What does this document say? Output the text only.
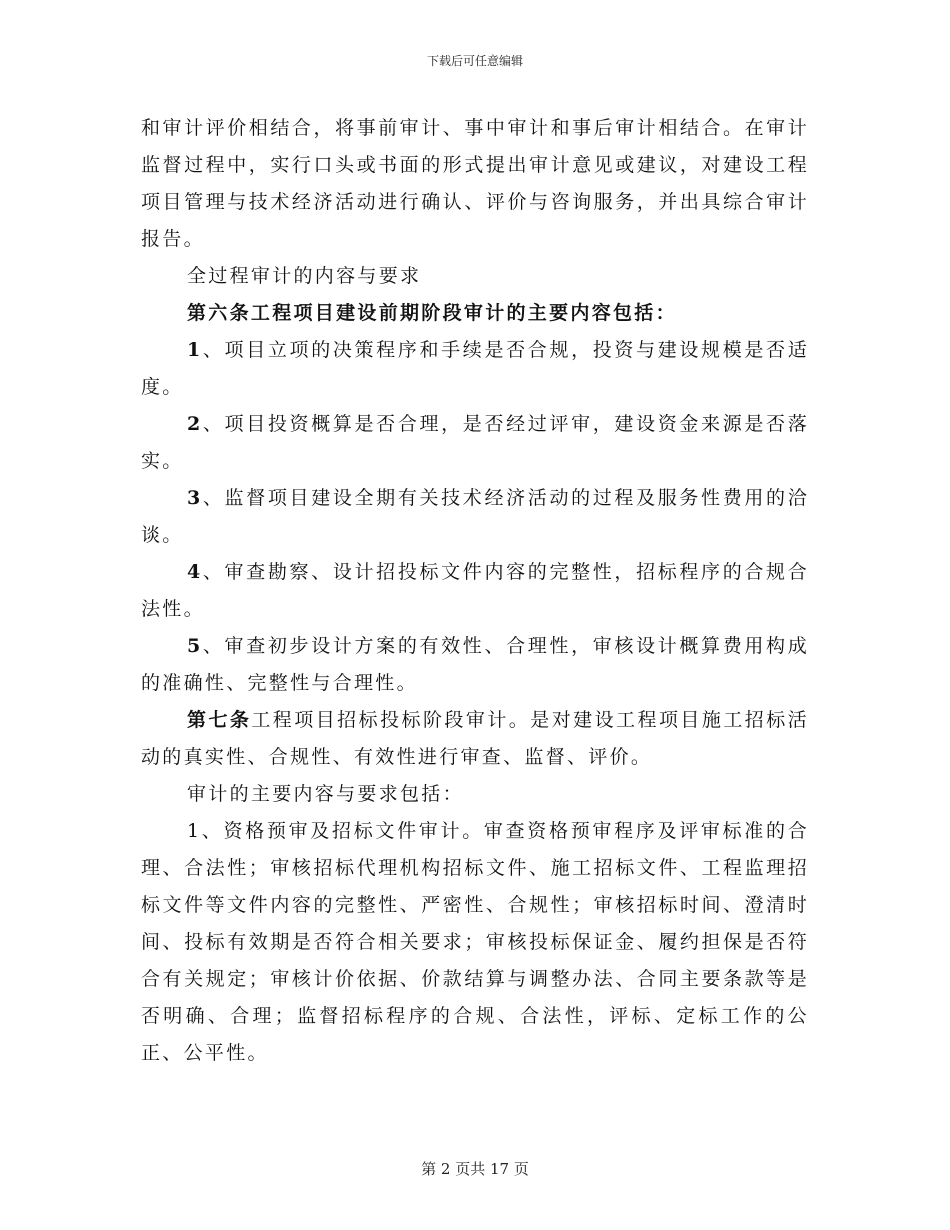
下载后可任意编辑

和审计评价相结合，将事前审计、事中审计和事后审计相结合。在审计监督过程中，实行口头或书面的形式提出审计意见或建议，对建设工程项目管理与技术经济活动进行确认、评价与咨询服务，并出具综合审计报告。

全过程审计的内容与要求

第六条工程项目建设前期阶段审计的主要内容包括：

1、项目立项的决策程序和手续是否合规，投资与建设规模是否适度。

2、项目投资概算是否合理，是否经过评审，建设资金来源是否落实。

3、监督项目建设全期有关技术经济活动的过程及服务性费用的洽谈。

4、审查勘察、设计招投标文件内容的完整性，招标程序的合规合法性。

5、审查初步设计方案的有效性、合理性，审核设计概算费用构成的准确性、完整性与合理性。

第七条工程项目招标投标阶段审计。是对建设工程项目施工招标活动的真实性、合规性、有效性进行审查、监督、评价。

审计的主要内容与要求包括：

1、资格预审及招标文件审计。审查资格预审程序及评审标准的合理、合法性；审核招标代理机构招标文件、施工招标文件、工程监理招标文件等文件内容的完整性、严密性、合规性；审核招标时间、澄清时间、投标有效期是否符合相关要求；审核投标保证金、履约担保是否符合有关规定；审核计价依据、价款结算与调整办法、合同主要条款等是否明确、合理；监督招标程序的合规、合法性，评标、定标工作的公正、公平性。

第 2 页共 17 页
